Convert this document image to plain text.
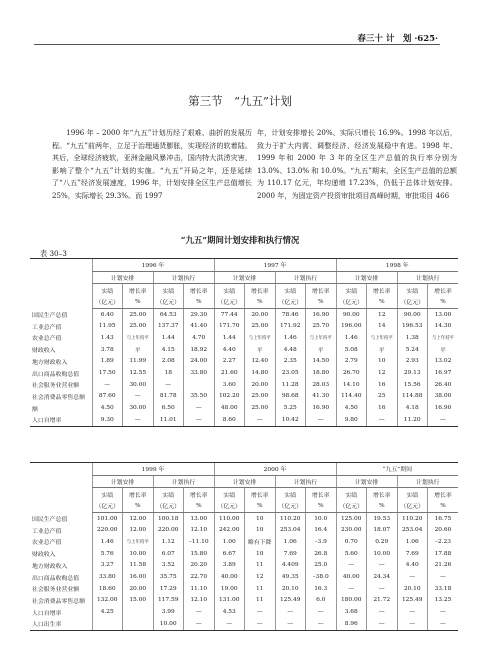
春三十 计　划 ·625·
第三节　“九五”计划

1996 年 – 2000 年“九五”计划历经了艰难、曲折的发展历程。“九五”前两年，立足于治理通货膨胀，实现经济的软着陆。其后，全球经济疲软，亚洲金融风暴冲击，国内特大洪涝灾害，影响了整个“九五”计划的实施。“九五”开局之年，还是延续了“八五”经济发展速度，1996 年，计划安排全区生产总值增长 25%，实际增长 29.3%。而 1997

年，计划安排增长 20%、实际只增长 16.9%。1998 年以后，致力于扩大内需、调整经济、经济发展稳中有进。1998 年、1999 年和 2000 年 3 年的全区生产总值的执行率分别为 13.0%、13.0% 和 10.0%。“九五”期末，全区生产总值的总额为 110.17 亿元，年均递增 17.23%，仍低于总体计划安排。2000 年，为固定资产投资审批项目高峰时期，审批项目 466

“九五”期间计划安排和执行情况
表 30–3
	1996 年				1997 年				1998 年			
	计划安排		计划执行		计划安排		计划执行		计划安排		计划执行	
	实绩	增长率	实绩	增长率	实绩	增长率	实绩	增长率	实绩	增长率	实绩	增长率
	（亿元）	%	（亿元）	%	（亿元）	%	（亿元）	%	（亿元）	%	（亿元）	%
国民生产总值	6.40	25.00	64.53	29.30	77.44	20.00	78.46	16.90	90.00	12	90.00	13.00
工业总产值	11.95	25.00	137.37	41.40	171.70	25.00	171.92	25.70	196.00	14	196.53	14.30
农业总产值	1.43	与上年持平	1.44	4.70	1.44	与上年持平	1.46	与上年持平	1.46	与上年持平	1.38	与上年持平
财政收入	3.78	平	4.15	18.92	4.40	平	4.48	平	5.08	平	5.24	平
地方财政收入	1.89	11.99	2.08	24.00	2.27	12.40	2.35	14.50	2.79	10	2.93	13.02
出口商品收购总值	17.50	12.55	18	33.80	21.60	14.80	23.05	18.80	26.70	12	29.13	16.97
社会服务业营业额	—	30.00	—		3.60	20.00	11.28	28.03	14.10	16	15.56	26.40
社会消费品零售总额	87.60	—	81.78	35.50	102.20	25.00	98.68	41.30	114.40	25	114.88	38.00
额	4.50	30.00	6.50	—	48.00	25.00	5.25	16.90	4.50	16	4.18	16.90
人口自增率	9.30	—	11.01	—	8.60	—	10.42	—	9.80	—	11.20	—
	1999 年				2000 年				“九五”期间			
	计划安排		计划执行		计划安排		计划执行		计划安排		计划执行	
	实绩	增长率	实绩	增长率	实绩	增长率	实绩	增长率	实绩	增长率	实绩	增长率
	（亿元）	%	（亿元）	%	（亿元）	%	（亿元）	%	（亿元）	%	（亿元）	%
国民生产总值	101.00	12.00	100.18	13.00	110.00	10	110.20	10.0	125.00	19.53	110.20	16.75
工业总产值	220.00	12.00	220.00	12.10	242.00	10	253.04	16.4	230.00	18.07	253.04	20.60
农业总产值	1.46	与上年持平	1.12	–11.10	1.00	略有下降	1.06	–3.9	0.70	0.29	1.06	–2.23
财政收入	5.76	10.00	6.07	15.80	6.67	10	7.69	26.8	5.60	10.00	7.69	17.88
地方财政收入	3.27	11.58	3.52	20.20	3.89	11	4.409	25.0	—	—	4.40	21.26
出口商品收购总值	33.80	16.00	35.75	22.70	40.00	12	49.35	–38.0	40.00	24.34	—	—
社会服务业营业额	18.60	20.00	17.29	11.10	19.00	11	20.10	16.3	—	—	20.10	33.18
社会消费品零售总额	132.00	15.00	117.59	12.10	131.00	11	125.49	6.0	180.00	21.72	125.49	13.25
人口自增率	4.25		3.99	—	4.53	—	—	—	3.68	—	—	—
人口出生率			10.00	—	—	—	—	—	8.96	—	—	—
